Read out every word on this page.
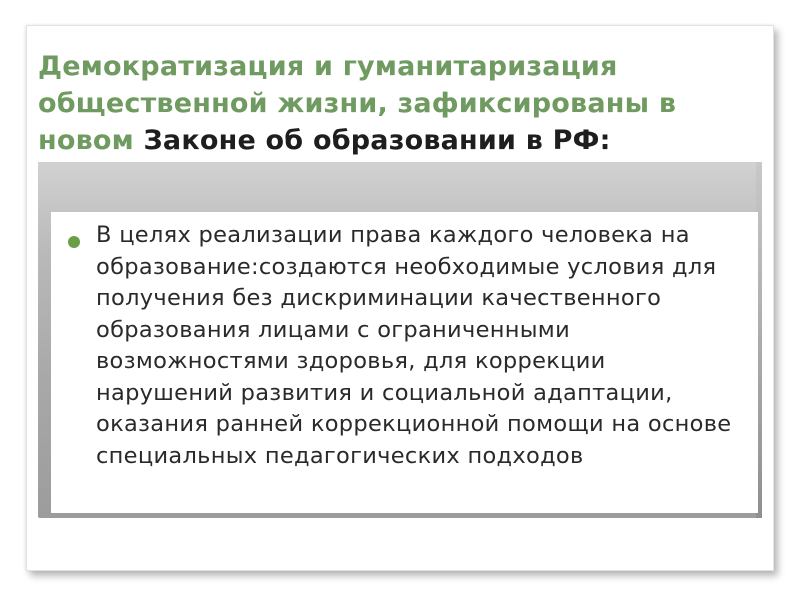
Демократизация и гуманитаризация общественной жизни, зафиксированы в новом Законе об образовании в РФ:

В целях реализации права каждого человека на образование:создаются необходимые условия для получения без дискриминации качественного образования лицами с ограниченными возможностями здоровья, для коррекции нарушений развития и социальной адаптации, оказания ранней коррекционной помощи на основе специальных педагогических подходов
